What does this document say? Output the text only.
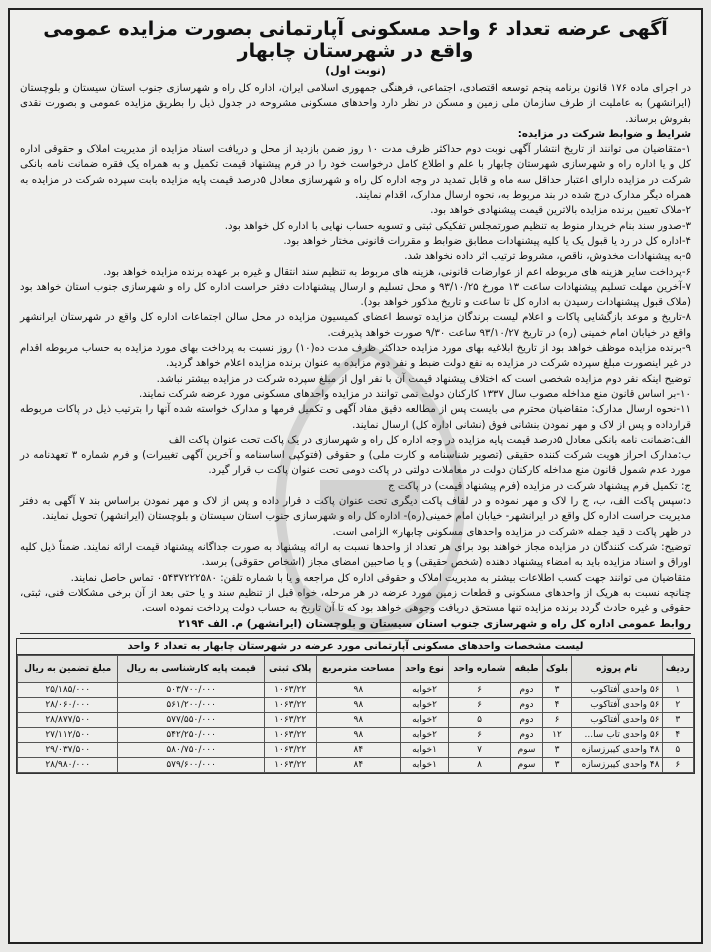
آگهی عرضه تعداد ۶ واحد مسکونی آپارتمانی بصورت مزایده عمومی واقع در شهرستان چابهار
(نوبت اول)

در اجرای ماده ۱۷۶ قانون برنامه پنجم توسعه اقتصادی، اجتماعی، فرهنگی جمهوری اسلامی ایران، اداره کل راه و شهرسازی جنوب استان سیستان و بلوچستان (ایرانشهر) به عاملیت از طرف سازمان ملی زمین و مسکن در نظر دارد واحدهای مسکونی مشروحه در جدول ذیل را بطریق مزایده عمومی و بصورت نقدی بفروش برساند.

شرایط و ضوابط شرکت در مزایده:

۱-متقاضیان می توانند از تاریخ انتشار آگهی نوبت دوم حداکثر ظرف مدت ۱۰ روز ضمن بازدید از محل و دریافت اسناد مزایده از مدیریت املاک و حقوقی اداره کل و یا اداره راه و شهرسازی شهرستان چابهار با علم و اطلاع کامل درخواست خود را در فرم پیشنهاد قیمت تکمیل و به همراه یک فقره ضمانت نامه بانکی شرکت در مزایده دارای اعتبار حداقل سه ماه و قابل تمدید در وجه اداره کل راه و شهرسازی معادل ۵درصد قیمت پایه مزایده بابت سپرده شرکت در مزایده به همراه دیگر مدارک درج شده در بند مربوط به، نحوه ارسال مدارک، اقدام نمایند.

۲-ملاک تعیین برنده مزایده بالاترین قیمت پیشنهادی خواهد بود.

۳-صدور سند بنام خریدار منوط به تنظیم صورتمجلس تفکیکی ثبتی و تسویه حساب نهایی با اداره کل خواهد بود.

۴-اداره کل در رد یا قبول یک یا کلیه پیشنهادات مطابق ضوابط و مقررات قانونی مختار خواهد بود.

۵-به پیشنهادات مخدوش، ناقص، مشروط ترتیب اثر داده نخواهد شد.

۶-پرداخت سایر هزینه های مربوطه اعم از عوارضات قانونی، هزینه های مربوط به تنظیم سند انتقال و غیره بر عهده برنده مزایده خواهد بود.

۷-آخرین مهلت تسلیم پیشنهادات ساعت ۱۳ مورخ ۹۳/۱۰/۲۵ و محل تسلیم و ارسال پیشنهادات دفتر حراست اداره کل راه و شهرسازی جنوب استان خواهد بود (ملاک قبول پیشنهادات رسیدن به اداره کل تا ساعت و تاریخ مذکور خواهد بود).

۸-تاریخ و موعد بازگشایی پاکات و اعلام لیست برندگان مزایده توسط اعضای کمیسیون مزایده در محل سالن اجتماعات اداره کل واقع در شهرستان ایرانشهر واقع در خیابان امام خمینی (ره) در تاریخ ۹۳/۱۰/۲۷ ساعت ۹/۳۰ صورت خواهد پذیرفت.

۹-برنده مزایده موظف خواهد بود از تاریخ ابلاغیه بهای مورد مزایده حداکثر ظرف مدت ده(۱۰) روز نسبت به پرداخت بهای مورد مزایده به حساب مربوطه اقدام در غیر اینصورت مبلغ سپرده شرکت در مزایده به نفع دولت ضبط و نفر دوم مزایده به عنوان برنده مزایده اعلام خواهد گردید.

توضیح اینکه نفر دوم مزایده شخصی است که اختلاف پیشنهاد قیمت آن با نفر اول از مبلغ سپرده شرکت در مزایده بیشتر نباشد.

۱۰-بر اساس قانون منع مداخله مصوب سال ۱۳۳۷ کارکنان دولت نمی توانند در مزایده واحدهای مسکونی مورد عرضه شرکت نمایند.

۱۱-نحوه ارسال مدارک: متقاضیان محترم می بایست پس از مطالعه دقیق مفاد آگهی و تکمیل فرمها و مدارک خواسته شده آنها را بترتیب ذیل در پاکات مربوطه قرارداده و پس از لاک و مهر نمودن بنشانی فوق (نشانی اداره کل) ارسال نمایند.

الف:ضمانت نامه بانکی معادل ۵درصد قیمت پایه مزایده در وجه اداره کل راه و شهرسازی در یک پاکت تحت عنوان پاکت الف

ب:مدارک احراز هویت شرکت کننده حقیقی (تصویر شناسنامه و کارت ملی) و حقوقی (فتوکپی اساسنامه و آخرین آگهی تغییرات) و فرم شماره ۳ تعهدنامه در مورد عدم شمول قانون منع مداخله کارکنان دولت در معاملات دولتی در پاکت دومی تحت عنوان پاکت ب قرار گیرد.

ج: تکمیل فرم پیشنهاد شرکت در مزایده (فرم پیشنهاد قیمت) در پاکت ج

د:سپس پاکت الف، ب، ج را لاک و مهر نموده و در لفاف پاکت دیگری تحت عنوان پاکت د قرار داده و پس از لاک و مهر نمودن براساس بند ۷ آگهی به دفتر مدیریت حراست اداره کل واقع در ایرانشهر- خیابان امام خمینی(ره)- اداره کل راه و شهرسازی جنوب استان سیستان و بلوچستان (ایرانشهر) تحویل نمایند.

در ظهر پاکت د قید جمله «شرکت در مزایده واحدهای مسکونی چابهار» الزامی است.

توضیح: شرکت کنندگان در مزایده مجاز خواهند بود برای هر تعداد از واحدها نسبت به ارائه پیشنهاد به صورت جداگانه پیشنهاد قیمت ارائه نمایند. ضمناً ذیل کلیه اوراق و اسناد مزایده باید به امضاء پیشنهاد دهنده (شخص حقیقی) و یا صاحبین امضای مجاز (اشخاص حقوقی) برسد.

متقاضیان می توانند جهت کسب اطلاعات بیشتر به مدیریت املاک و حقوقی اداره کل مراجعه و یا با شماره تلفن: ۰۵۴۳۷۲۲۲۵۸۰ تماس حاصل نمایند.

چنانچه نسبت به هریک از واحدهای مسکونی و قطعات زمین مورد عرضه در هر مرحله، خواه قبل از تنظیم سند و یا حتی بعد از آن برخی مشکلات فنی، ثبتی، حقوقی و غیره حادث گردد برنده مزایده تنها مستحق دریافت وجوهی خواهد بود که تا آن تاریخ به حساب دولت پرداخت نموده است.

روابط عمومی اداره کل راه و شهرسازی جنوب استان سیستان و بلوچستان (ایرانشهر) م. الف ۲۱۹۴
لیست مشخصات واحدهای مسکونی آپارتمانی مورد عرضه در شهرستان چابهار به تعداد ۶ واحد
ردیف	نام پروژه	بلوک	طبقه	شماره واحد	نوع واحد	مساحت مترمربع	پلاک ثبتی	قیمت پایه کارشناسی به ریال	مبلغ تضمین به ریال
۱	۵۶ واحدی آفتاکوب	۳	دوم	۶	۲خوابه	۹۸	۱۰۶۳/۲۲	۵۰۳/۷۰۰/۰۰۰	۲۵/۱۸۵/۰۰۰
۲	۵۶ واحدی آفتاکوب	۴	دوم	۶	۲خوابه	۹۸	۱۰۶۳/۲۲	۵۶۱/۲۰۰/۰۰۰	۲۸/۰۶۰/۰۰۰
۳	۵۶ واحدی آفتاکوب	۶	دوم	۵	۲خوابه	۹۸	۱۰۶۳/۲۲	۵۷۷/۵۵۰/۰۰۰	۲۸/۸۷۷/۵۰۰
۴	۵۶ واحدی تاب سا...	۱۲	دوم	۶	۲خوابه	۹۸	۱۰۶۳/۲۲	۵۴۲/۲۵۰/۰۰۰	۲۷/۱۱۲/۵۰۰
۵	۴۸ واحدی کیبرزسازه	۳	سوم	۷	۱خوابه	۸۴	۱۰۶۳/۲۲	۵۸۰/۷۵۰/۰۰۰	۲۹/۰۳۷/۵۰۰
۶	۴۸ واحدی کیبرزسازه	۳	سوم	۸	۱خوابه	۸۴	۱۰۶۳/۲۲	۵۷۹/۶۰۰/۰۰۰	۲۸/۹۸۰/۰۰۰
